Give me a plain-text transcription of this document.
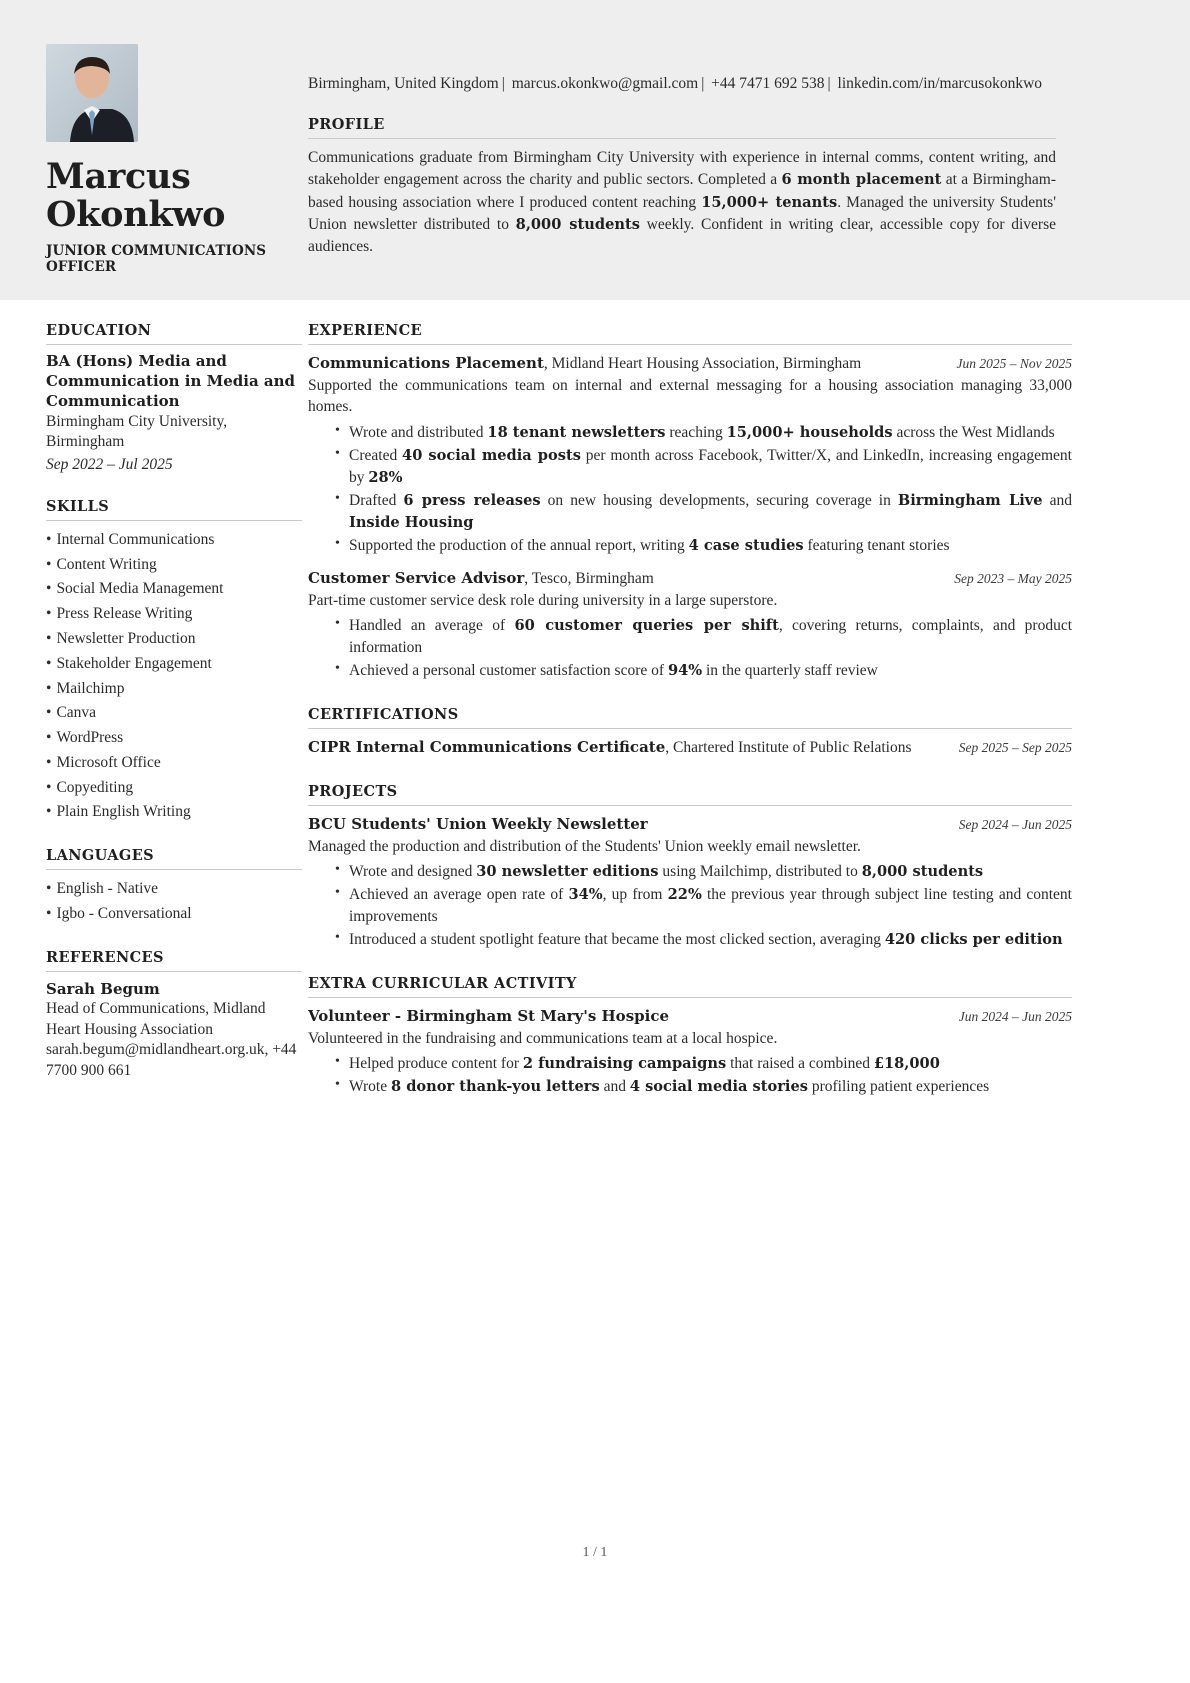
Marcus
Okonkwo
JUNIOR COMMUNICATIONS OFFICER
Birmingham, United Kingdom | marcus.okonkwo@gmail.com | +44 7471 692 538 | linkedin.com/in/marcusokonkwo
PROFILE
Communications graduate from Birmingham City University with experience in internal comms, content writing, and stakeholder engagement across the charity and public sectors. Completed a 6 month placement at a Birmingham-based housing association where I produced content reaching 15,000+ tenants. Managed the university Students' Union newsletter distributed to 8,000 students weekly. Confident in writing clear, accessible copy for diverse audiences.
EDUCATION
BA (Hons) Media and Communication in Media and Communication
Birmingham City University, Birmingham
Sep 2022 – Jul 2025
SKILLS
• Internal Communications
• Content Writing
• Social Media Management
• Press Release Writing
• Newsletter Production
• Stakeholder Engagement
• Mailchimp
• Canva
• WordPress
• Microsoft Office
• Copyediting
• Plain English Writing
LANGUAGES
• English - Native
• Igbo - Conversational
REFERENCES
Sarah Begum
Head of Communications, Midland Heart Housing Association
sarah.begum@midlandheart.org.uk, +44 7700 900 661
EXPERIENCE
Communications Placement, Midland Heart Housing Association, Birmingham	Jun 2025 – Nov 2025
Supported the communications team on internal and external messaging for a housing association managing 33,000 homes.
• Wrote and distributed 18 tenant newsletters reaching 15,000+ households across the West Midlands
• Created 40 social media posts per month across Facebook, Twitter/X, and LinkedIn, increasing engagement by 28%
• Drafted 6 press releases on new housing developments, securing coverage in Birmingham Live and Inside Housing
• Supported the production of the annual report, writing 4 case studies featuring tenant stories
Customer Service Advisor, Tesco, Birmingham	Sep 2023 – May 2025
Part-time customer service desk role during university in a large superstore.
• Handled an average of 60 customer queries per shift, covering returns, complaints, and product information
• Achieved a personal customer satisfaction score of 94% in the quarterly staff review
CERTIFICATIONS
CIPR Internal Communications Certificate, Chartered Institute of Public Relations	Sep 2025 – Sep 2025
PROJECTS
BCU Students' Union Weekly Newsletter	Sep 2024 – Jun 2025
Managed the production and distribution of the Students' Union weekly email newsletter.
• Wrote and designed 30 newsletter editions using Mailchimp, distributed to 8,000 students
• Achieved an average open rate of 34%, up from 22% the previous year through subject line testing and content improvements
• Introduced a student spotlight feature that became the most clicked section, averaging 420 clicks per edition
EXTRA CURRICULAR ACTIVITY
Volunteer - Birmingham St Mary's Hospice	Jun 2024 – Jun 2025
Volunteered in the fundraising and communications team at a local hospice.
• Helped produce content for 2 fundraising campaigns that raised a combined £18,000
• Wrote 8 donor thank-you letters and 4 social media stories profiling patient experiences
1 / 1
